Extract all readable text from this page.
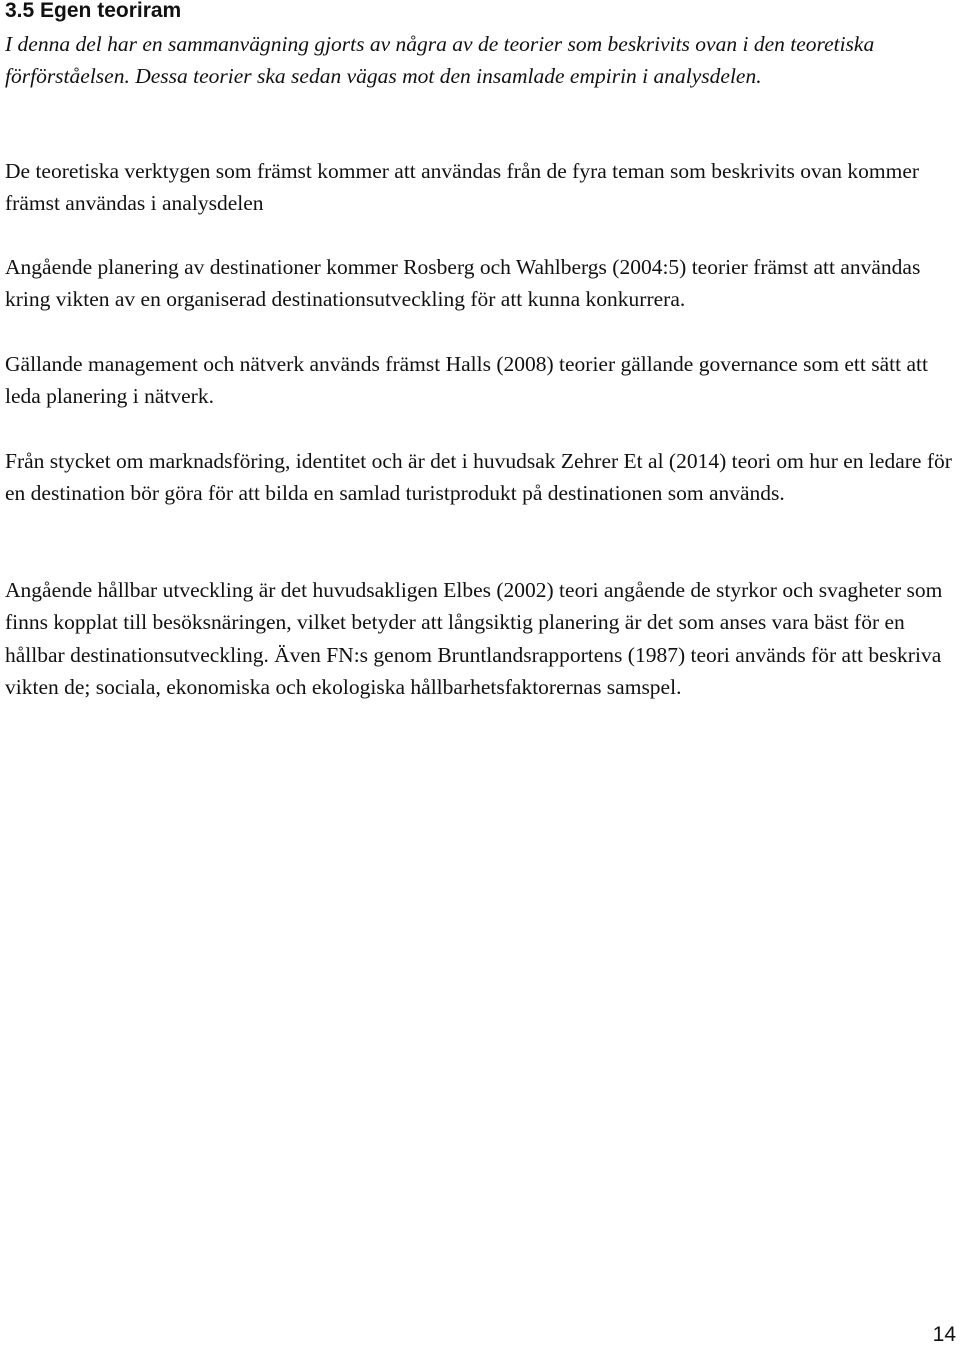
3.5 Egen teoriram
I denna del har en sammanvägning gjorts av några av de teorier som beskrivits ovan i den teoretiska förförståelsen. Dessa teorier ska sedan vägas mot den insamlade empirin i analysdelen.
De teoretiska verktygen som främst kommer att användas från de fyra teman som beskrivits ovan kommer främst användas i analysdelen
Angående planering av destinationer kommer Rosberg och Wahlbergs (2004:5) teorier främst att användas kring vikten av en organiserad destinationsutveckling för att kunna konkurrera.
Gällande management och nätverk används främst Halls (2008) teorier gällande governance som ett sätt att leda planering i nätverk.
Från stycket om marknadsföring, identitet och är det i huvudsak Zehrer Et al (2014) teori om hur en ledare för en destination bör göra för att bilda en samlad turistprodukt på destinationen som används.
Angående hållbar utveckling är det huvudsakligen Elbes (2002) teori angående de styrkor och svagheter som finns kopplat till besöksnäringen, vilket betyder att långsiktig planering är det som anses vara bäst för en hållbar destinationsutveckling. Även FN:s genom Bruntlandsrapportens (1987) teori används för att beskriva vikten de; sociala, ekonomiska och ekologiska hållbarhetsfaktorernas samspel.
14
